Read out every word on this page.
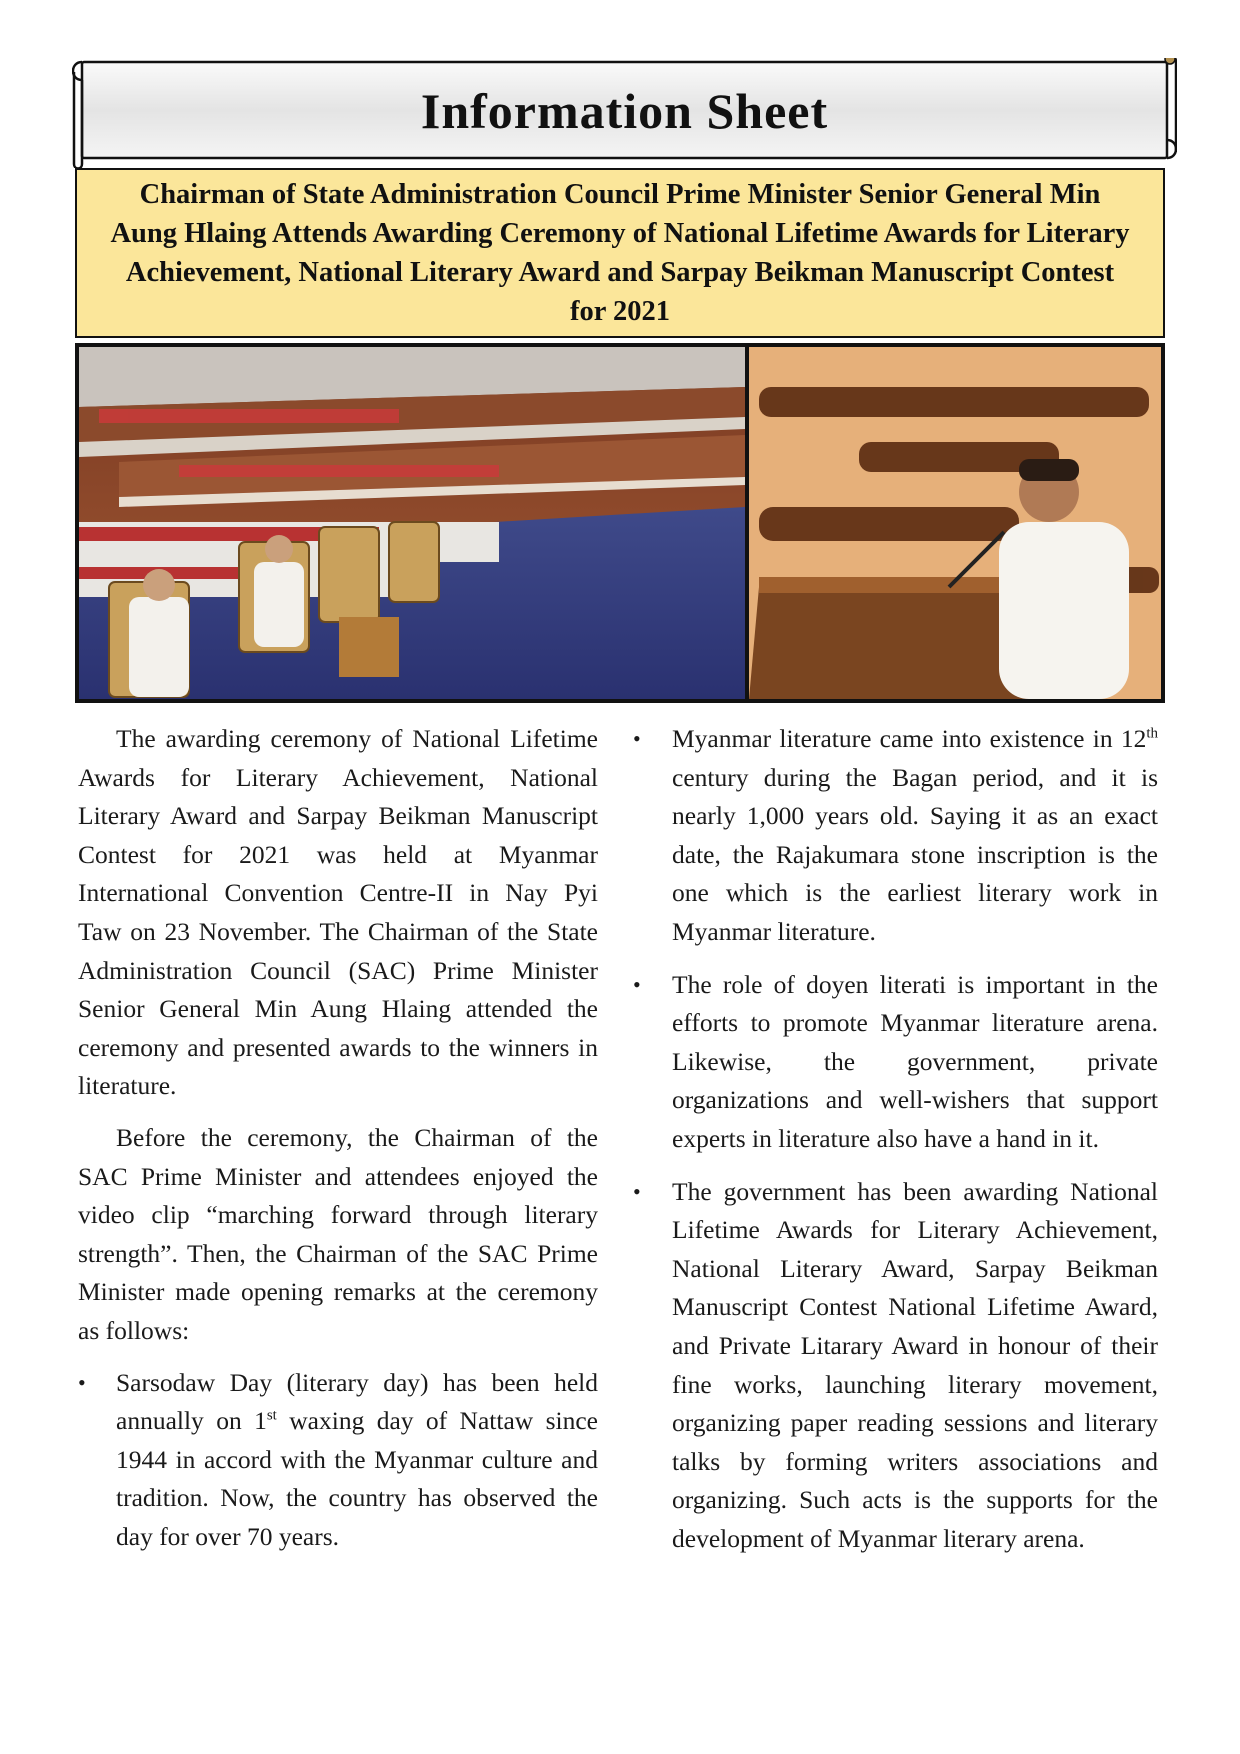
Information Sheet

Chairman of State Administration Council Prime Minister Senior General Min Aung Hlaing Attends Awarding Ceremony of National Lifetime Awards for Literary Achievement, National Literary Award and Sarpay Beikman Manuscript Contest for 2021

The awarding ceremony of National Lifetime Awards for Literary Achievement, National Literary Award and Sarpay Beikman Manuscript Contest for 2021 was held at Myanmar International Convention Centre-II in Nay Pyi Taw on 23 November. The Chairman of the State Administration Council (SAC) Prime Minister Senior General Min Aung Hlaing attended the ceremony and presented awards to the winners in literature.

Before the ceremony, the Chairman of the SAC Prime Minister and attendees enjoyed the video clip “marching forward through literary strength”. Then, the Chairman of the SAC Prime Minister made opening remarks at the ceremony as follows:

• Sarsodaw Day (literary day) has been held annually on 1st waxing day of Nattaw since 1944 in accord with the Myanmar culture and tradition. Now, the country has observed the day for over 70 years.
• Myanmar literature came into existence in 12th century during the Bagan period, and it is nearly 1,000 years old. Saying it as an exact date, the Rajakumara stone inscription is the one which is the earliest literary work in Myanmar literature.
• The role of doyen literati is important in the efforts to promote Myanmar literature arena. Likewise, the government, private organizations and well-wishers that support experts in literature also have a hand in it.
• The government has been awarding National Lifetime Awards for Literary Achievement, National Literary Award, Sarpay Beikman Manuscript Contest National Lifetime Award, and Private Litarary Award in honour of their fine works, launching literary movement, organizing paper reading sessions and literary talks by forming writers associations and organizing. Such acts is the supports for the development of Myanmar literary arena.
